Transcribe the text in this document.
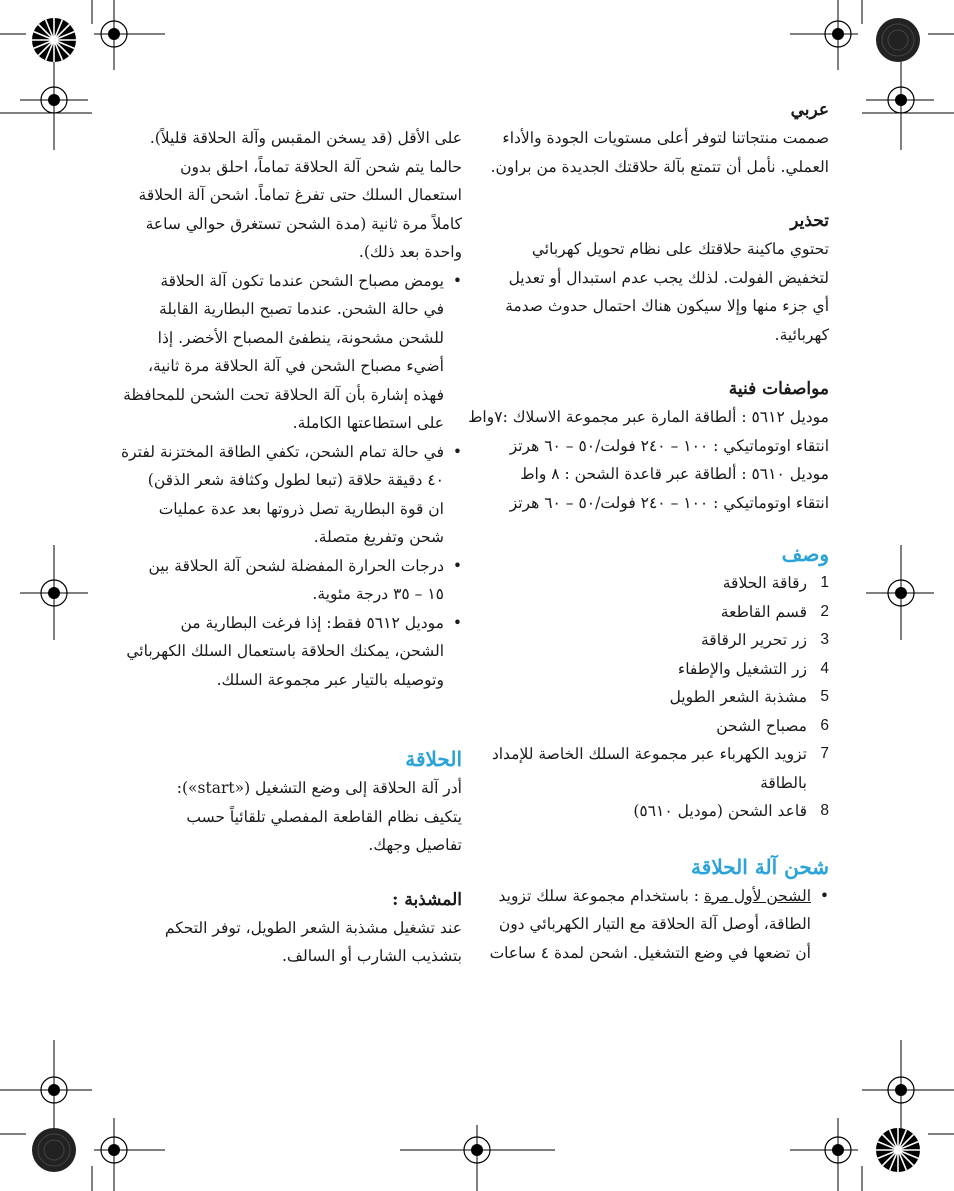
عربي
صممت منتجاتنا لتوفر أعلى مستويات الجودة والأداء
العملي. نأمل أن تتمتع بآلة حلاقتك الجديدة من براون.
تحذير
تحتوي ماكينة حلاقتك على نظام تحويل كهربائي
لتخفيض الفولت. لذلك يجب عدم استبدال أو تعديل
أي جزء منها وإلا سيكون هناك احتمال حدوث صدمة
كهربائية.
مواصفات فنية
موديل ٥٦١٢ : ألطاقة المارة عبر مجموعة الاسلاك :٧واط
انتقاء اوتوماتيكي : ١٠٠ – ٢٤٠ فولت/٥٠ – ٦٠ هرتز
موديل ٥٦١٠ : ألطاقة عبر قاعدة الشحن : ٨ واط
انتقاء اوتوماتيكي : ١٠٠ – ٢٤٠ فولت/٥٠ – ٦٠ هرتز
وصف
1
رقاقة الحلاقة
2
قسم القاطعة
3
زر تحرير الرقاقة
4
زر التشغيل والإطفاء
5
مشذبة الشعر الطويل
6
مصباح الشحن
7
تزويد الكهرباء عبر مجموعة السلك الخاصة للإمداد
بالطاقة
8
قاعد الشحن (موديل ٥٦١٠)
شحن آلة الحلاقة
•
الشحن لأول مرة : باستخدام مجموعة سلك تزويد
الطاقة، أوصل آلة الحلاقة مع التيار الكهربائي دون
أن تضعها في وضع التشغيل. اشحن لمدة ٤ ساعات
على الأقل (قد يسخن المقبس وآلة الحلاقة قليلاً).
حالما يتم شحن آلة الحلاقة تماماً، احلق بدون
استعمال السلك حتى تفرغ تماماً. اشحن آلة الحلاقة
كاملاً مرة ثانية (مدة الشحن تستغرق حوالي ساعة
واحدة بعد ذلك).
•
يومض مصباح الشحن عندما تكون آلة الحلاقة
في حالة الشحن. عندما تصبح البطارية القابلة
للشحن مشحونة، ينطفئ المصباح الأخضر. إذا
أضيء مصباح الشحن في آلة الحلاقة مرة ثانية،
فهذه إشارة بأن آلة الحلاقة تحت الشحن للمحافظة
على استطاعتها الكاملة.
•
في حالة تمام الشحن، تكفي الطاقة المختزنة لفترة
٤٠ دقيقة حلاقة (تبعا لطول وكثافة شعر الذقن)
ان قوة البطارية تصل ذروتها بعد عدة عمليات
شحن وتفريغ متصلة.
•
درجات الحرارة المفضلة لشحن آلة الحلاقة بين
١٥ – ٣٥ درجة مئوية.
•
موديل ٥٦١٢ فقط: إذا فرغت البطارية من
الشحن، يمكنك الحلاقة باستعمال السلك الكهربائي
وتوصيله بالتيار عبر مجموعة السلك.
الحلاقة
أدر آلة الحلاقة إلى وضع التشغيل («start»):
يتكيف نظام القاطعة المفصلي تلقائياً حسب
تفاصيل وجهك.
المشذبة :
عند تشغيل مشذبة الشعر الطويل، توفر التحكم
بتشذيب الشارب أو السالف.
